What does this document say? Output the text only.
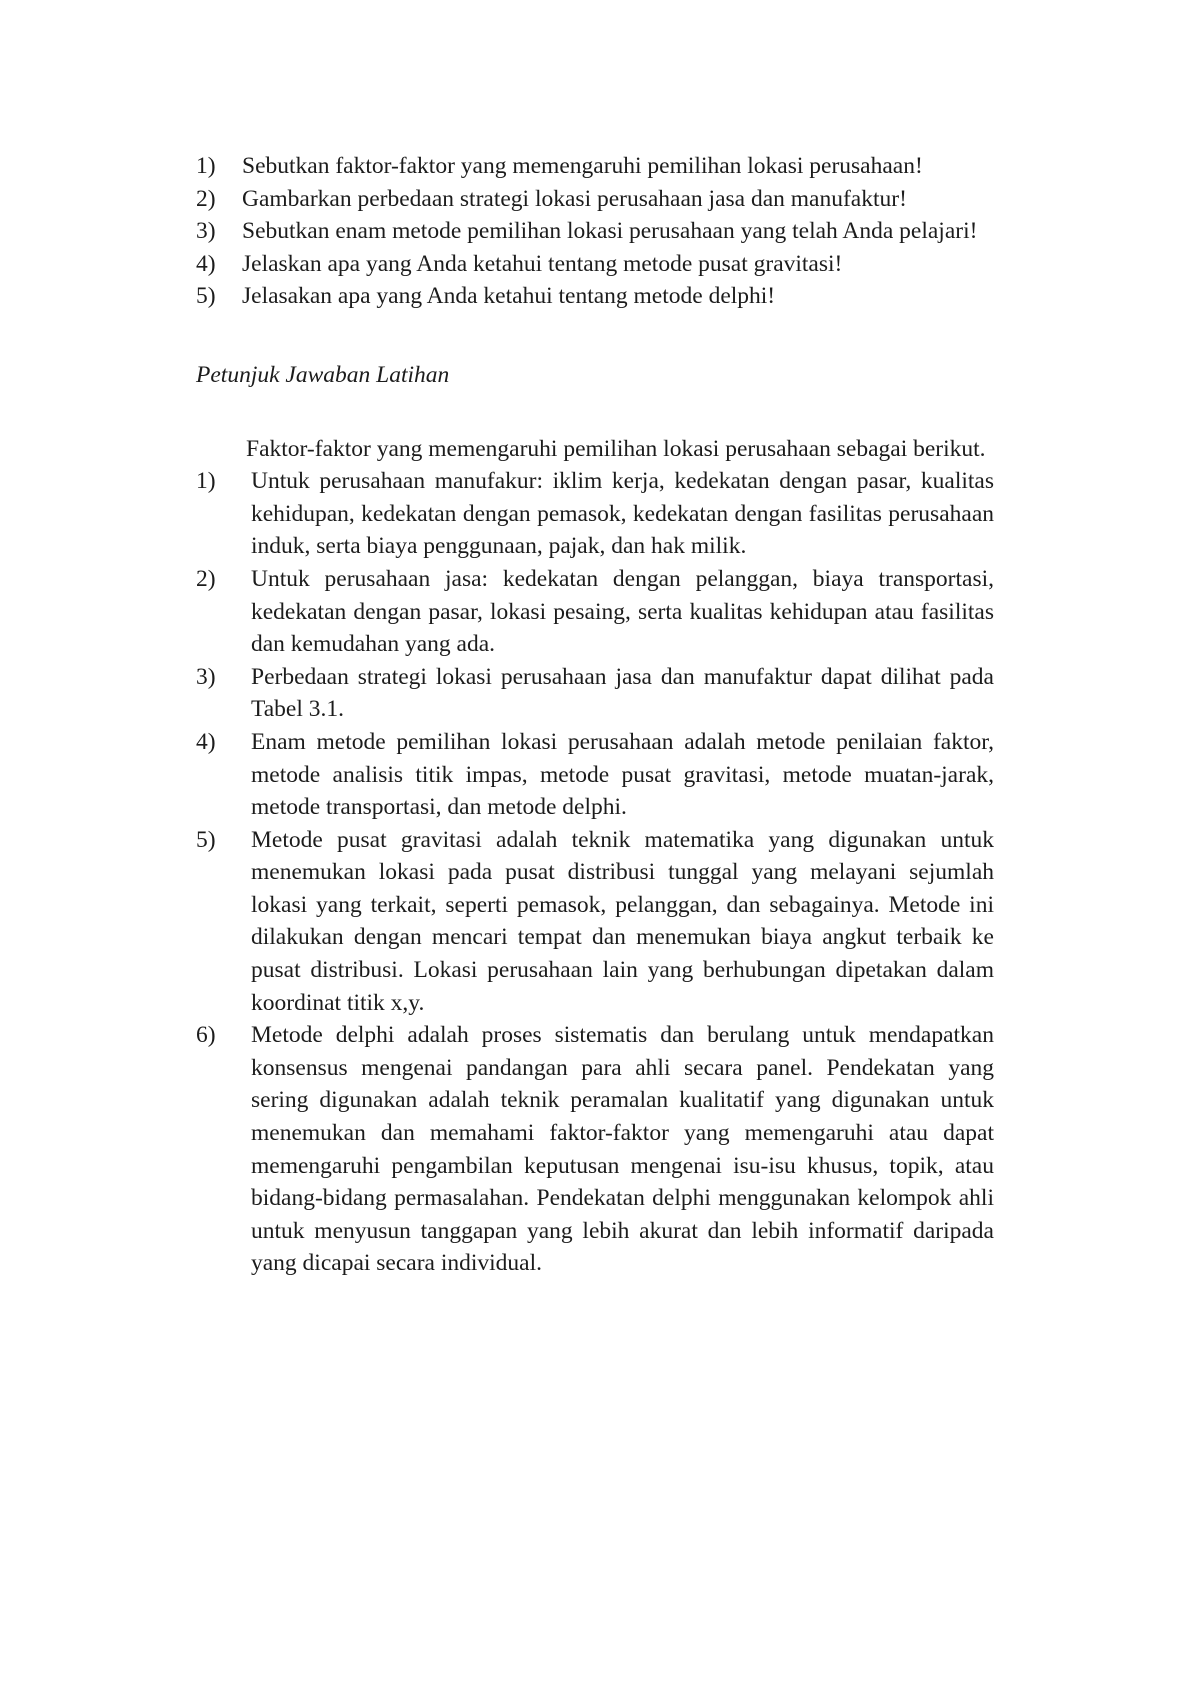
1) Sebutkan faktor-faktor yang memengaruhi pemilihan lokasi perusahaan!
2) Gambarkan perbedaan strategi lokasi perusahaan jasa dan manufaktur!
3) Sebutkan enam metode pemilihan lokasi perusahaan yang telah Anda pelajari!
4) Jelaskan apa yang Anda ketahui tentang metode pusat gravitasi!
5) Jelasakan apa yang Anda ketahui tentang metode delphi!

Petunjuk Jawaban Latihan

Faktor-faktor yang memengaruhi pemilihan lokasi perusahaan sebagai berikut.

1) Untuk perusahaan manufakur: iklim kerja, kedekatan dengan pasar, kualitas kehidupan, kedekatan dengan pemasok, kedekatan dengan fasilitas perusahaan induk, serta biaya penggunaan, pajak, dan hak milik.
2) Untuk perusahaan jasa: kedekatan dengan pelanggan, biaya transportasi, kedekatan dengan pasar, lokasi pesaing, serta kualitas kehidupan atau fasilitas dan kemudahan yang ada.
3) Perbedaan strategi lokasi perusahaan jasa dan manufaktur dapat dilihat pada Tabel 3.1.
4) Enam metode pemilihan lokasi perusahaan adalah metode penilaian faktor, metode analisis titik impas, metode pusat gravitasi, metode muatan-jarak, metode transportasi, dan metode delphi.
5) Metode pusat gravitasi adalah teknik matematika yang digunakan untuk menemukan lokasi pada pusat distribusi tunggal yang melayani sejumlah lokasi yang terkait, seperti pemasok, pelanggan, dan sebagainya. Metode ini dilakukan dengan mencari tempat dan menemukan biaya angkut terbaik ke pusat distribusi. Lokasi perusahaan lain yang berhubungan dipetakan dalam koordinat titik x,y.
6) Metode delphi adalah proses sistematis dan berulang untuk mendapatkan konsensus mengenai pandangan para ahli secara panel. Pendekatan yang sering digunakan adalah teknik peramalan kualitatif yang digunakan untuk menemukan dan memahami faktor-faktor yang memengaruhi atau dapat memengaruhi pengambilan keputusan mengenai isu-isu khusus, topik, atau bidang-bidang permasalahan. Pendekatan delphi menggunakan kelompok ahli untuk menyusun tanggapan yang lebih akurat dan lebih informatif daripada yang dicapai secara individual.
